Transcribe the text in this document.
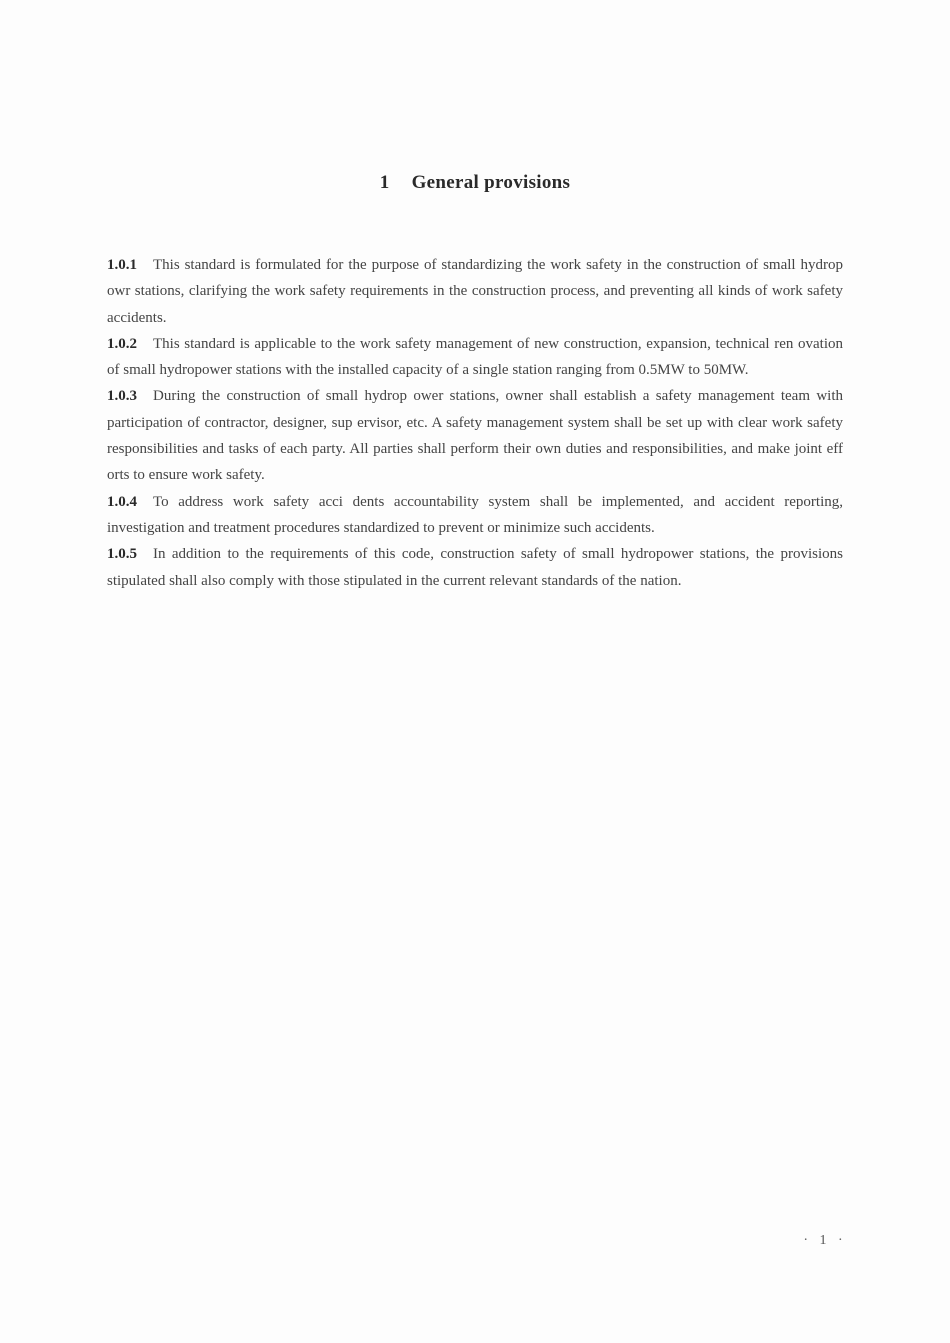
1 General provisions

1.0.1 This standard is formulated for the purpose of standardizing the work safety in the construction of small hydrop owr stations, clarifying the work safety requirements in the construction process, and preventing all kinds of work safety accidents.

1.0.2 This standard is applicable to the work safety management of new construction, expansion, technical ren ovation of small hydropower stations with the installed capacity of a single station ranging from 0.5MW to 50MW.

1.0.3 During the construction of small hydrop ower stations, owner shall establish a safety management team with participation of contractor, designer, sup ervisor, etc. A safety management system shall be set up with clear work safety responsibilities and tasks of each party. All parties shall perform their own duties and responsibilities, and make joint eff orts to ensure work safety.

1.0.4 To address work safety acci dents accountability system shall be implemented, and accident reporting, investigation and treatment procedures standardized to prevent or minimize such accidents.

1.0.5 In addition to the requirements of this code, construction safety of small hydropower stations, the provisions stipulated shall also comply with those stipulated in the current relevant standards of the nation.

· 1 ·
